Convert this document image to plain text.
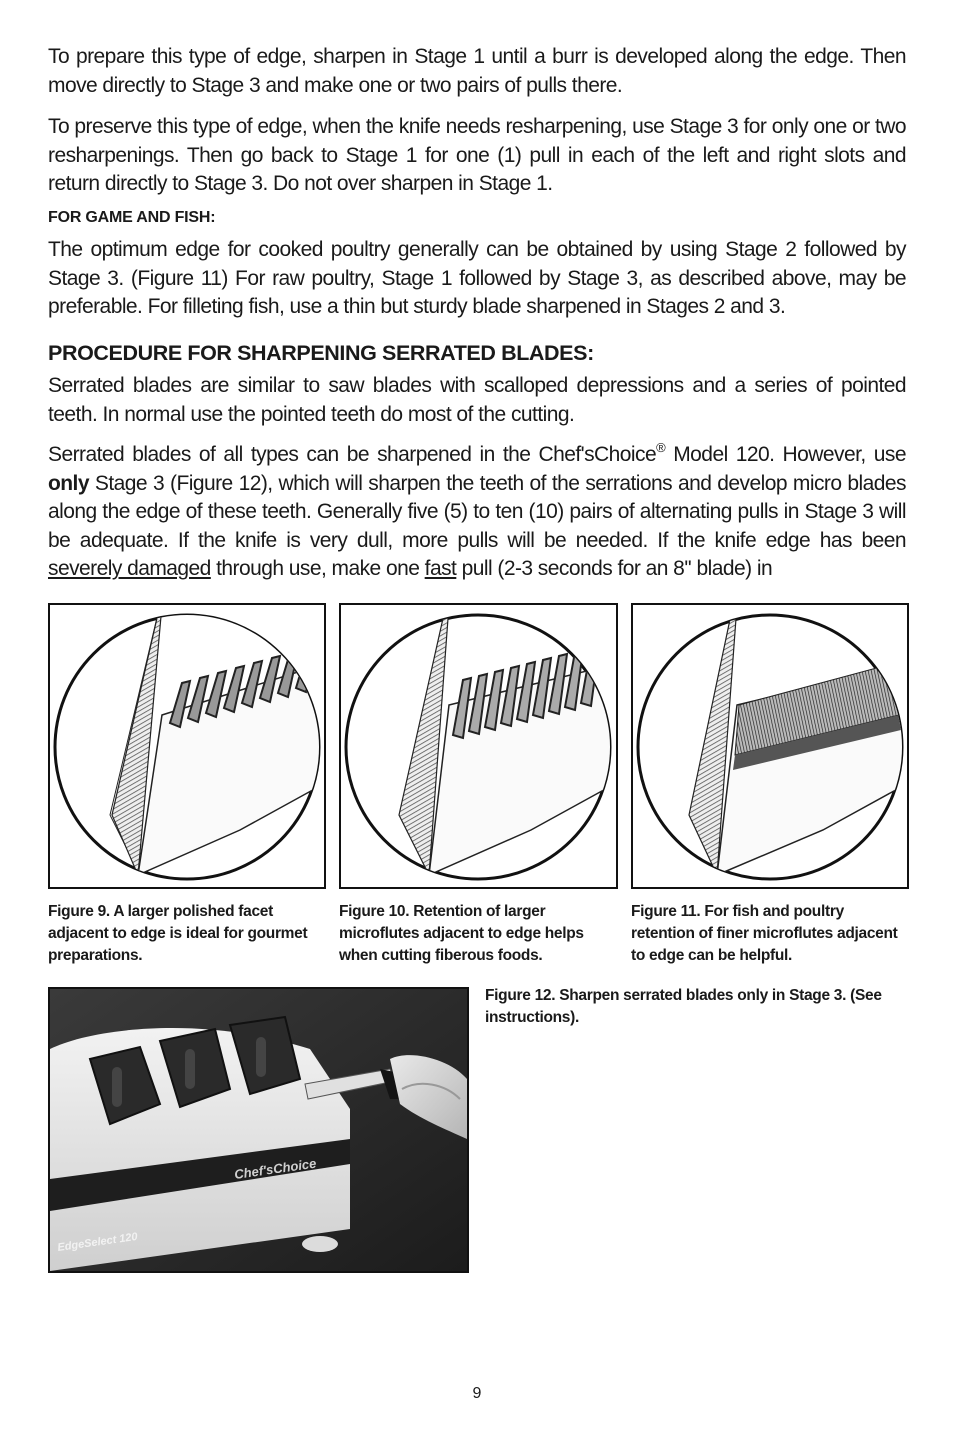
To prepare this type of edge, sharpen in Stage 1 until a burr is developed along the edge. Then move directly to Stage 3 and make one or two pairs of pulls there.

To preserve this type of edge, when the knife needs resharpening, use Stage 3 for only one or two resharpenings. Then go back to Stage 1 for one (1) pull in each of the left and right slots and return directly to Stage 3. Do not over sharpen in Stage 1.

FOR GAME AND FISH:

The optimum edge for cooked poultry generally can be obtained by using Stage 2 followed by Stage 3. (Figure 11) For raw poultry, Stage 1 followed by Stage 3, as described above, may be preferable. For filleting fish, use a thin but sturdy blade sharpened in Stages 2 and 3.

PROCEDURE FOR SHARPENING SERRATED BLADES:

Serrated blades are similar to saw blades with scalloped depressions and a series of pointed teeth. In normal use the pointed teeth do most of the cutting.

Serrated blades of all types can be sharpened in the Chef'sChoice® Model 120. However, use only Stage 3 (Figure 12), which will sharpen the teeth of the serrations and develop micro blades along the edge of these teeth. Generally five (5) to ten (10) pairs of alternating pulls in Stage 3 will be adequate. If the knife is very dull, more pulls will be needed. If the knife edge has been severely damaged through use, make one fast pull (2-3 seconds for an 8'' blade) in

Figure 9. A larger polished facet adjacent to edge is ideal for gourmet preparations.
Figure 10. Retention of larger microflutes adjacent to edge helps when cutting fiberous foods.
Figure 11. For fish and poultry retention of finer microflutes adjacent to edge can be helpful.
Chef'sChoice
EdgeSelect 120
Figure 12. Sharpen serrated blades only in Stage 3. (See instructions).
9
